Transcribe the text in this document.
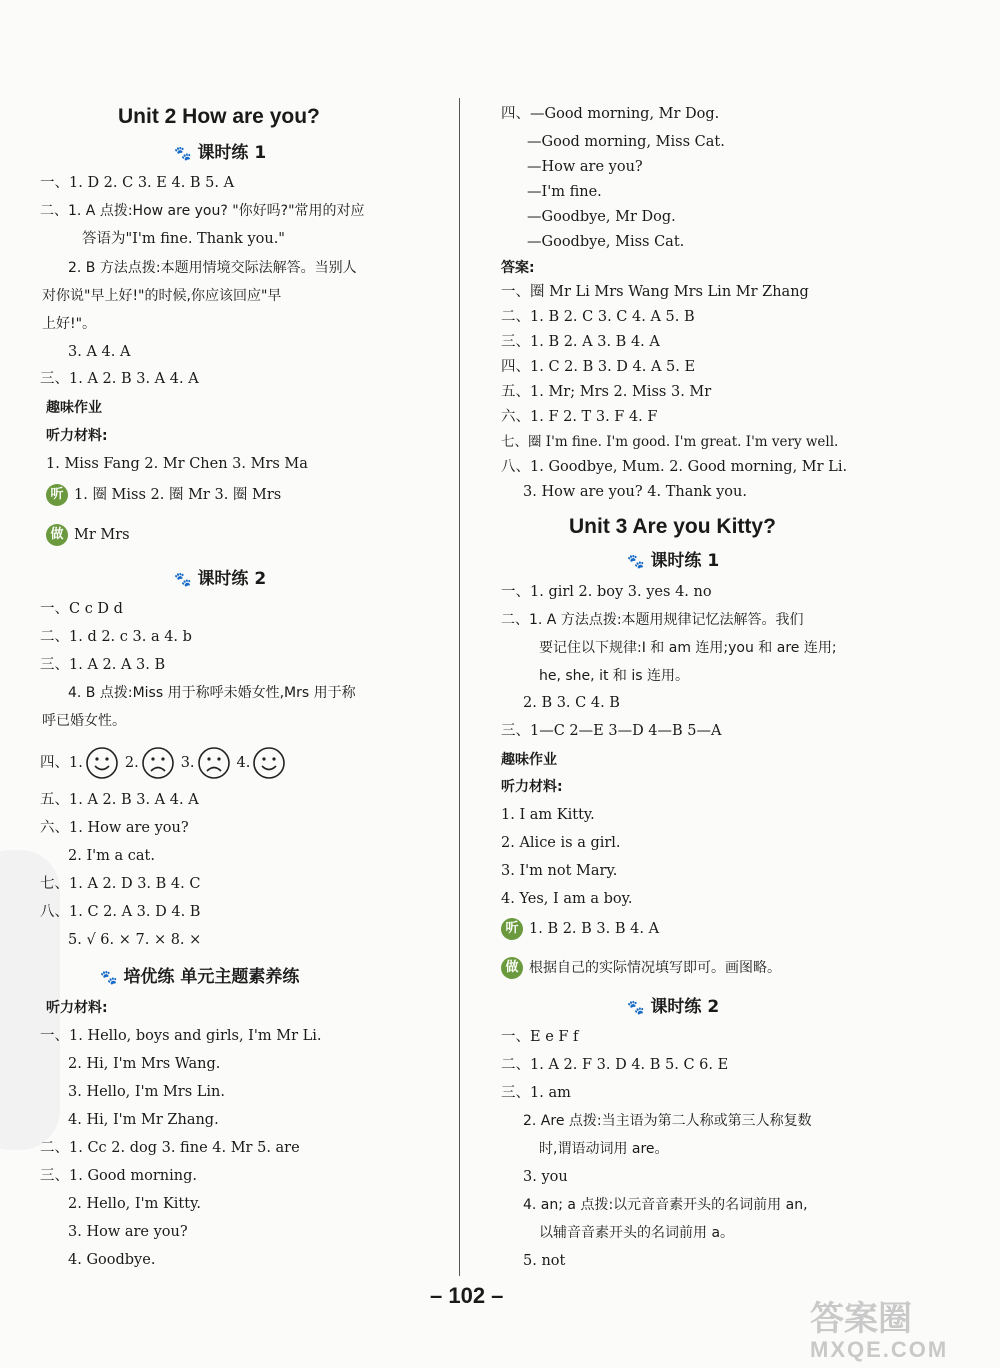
Unit 2 How are you?
🐾 课时练 1
一、1. D 2. C 3. E 4. B 5. A
二、1. A 点拨:How are you? "你好吗?"常用的对应
答语为"I'm fine. Thank you."
2. B 方法点拨:本题用情境交际法解答。当别人
对你说"早上好!"的时候,你应该回应"早
上好!"。
3. A 4. A
三、1. A 2. B 3. A 4. A
趣味作业
听力材料:
1. Miss Fang 2. Mr Chen 3. Mrs Ma
听 1. 圈 Miss 2. 圈 Mr 3. 圈 Mrs
做 Mr Mrs
🐾 课时练 2
一、C c D d
二、1. d 2. c 3. a 4. b
三、1. A 2. A 3. B
4. B 点拨:Miss 用于称呼未婚女性,Mrs 用于称
呼已婚女性。
四、1.	2.	3.	4.
五、1. A 2. B 3. A 4. A
六、1. How are you?
2. I'm a cat.
七、1. A 2. D 3. B 4. C
八、1. C 2. A 3. D 4. B
5. √ 6. × 7. × 8. ×
🐾 培优练 单元主题素养练
听力材料:
一、1. Hello, boys and girls, I'm Mr Li.
2. Hi, I'm Mrs Wang.
3. Hello, I'm Mrs Lin.
4. Hi, I'm Mr Zhang.
二、1. Cc 2. dog 3. fine 4. Mr 5. are
三、1. Good morning.
2. Hello, I'm Kitty.
3. How are you?
4. Goodbye.
四、—Good morning, Mr Dog.
—Good morning, Miss Cat.
—How are you?
—I'm fine.
—Goodbye, Mr Dog.
—Goodbye, Miss Cat.
答案:
一、圈 Mr Li Mrs Wang Mrs Lin Mr Zhang
二、1. B 2. C 3. C 4. A 5. B
三、1. B 2. A 3. B 4. A
四、1. C 2. B 3. D 4. A 5. E
五、1. Mr; Mrs 2. Miss 3. Mr
六、1. F 2. T 3. F 4. F
七、圈 I'm fine. I'm good. I'm great. I'm very well.
八、1. Goodbye, Mum. 2. Good morning, Mr Li.
3. How are you? 4. Thank you.
Unit 3 Are you Kitty?
🐾 课时练 1
一、1. girl 2. boy 3. yes 4. no
二、1. A 方法点拨:本题用规律记忆法解答。我们
要记住以下规律:I 和 am 连用;you 和 are 连用;
he, she, it 和 is 连用。
2. B 3. C 4. B
三、1—C 2—E 3—D 4—B 5—A
趣味作业
听力材料:
1. I am Kitty.
2. Alice is a girl.
3. I'm not Mary.
4. Yes, I am a boy.
听 1. B 2. B 3. B 4. A
做 根据自己的实际情况填写即可。画图略。
🐾 课时练 2
一、E e F f
二、1. A 2. F 3. D 4. B 5. C 6. E
三、1. am
2. Are 点拨:当主语为第二人称或第三人称复数
时,谓语动词用 are。
3. you
4. an; a 点拨:以元音音素开头的名词前用 an,
以辅音音素开头的名词前用 a。
5. not
– 102 –
答案圈
MXQE.COM
